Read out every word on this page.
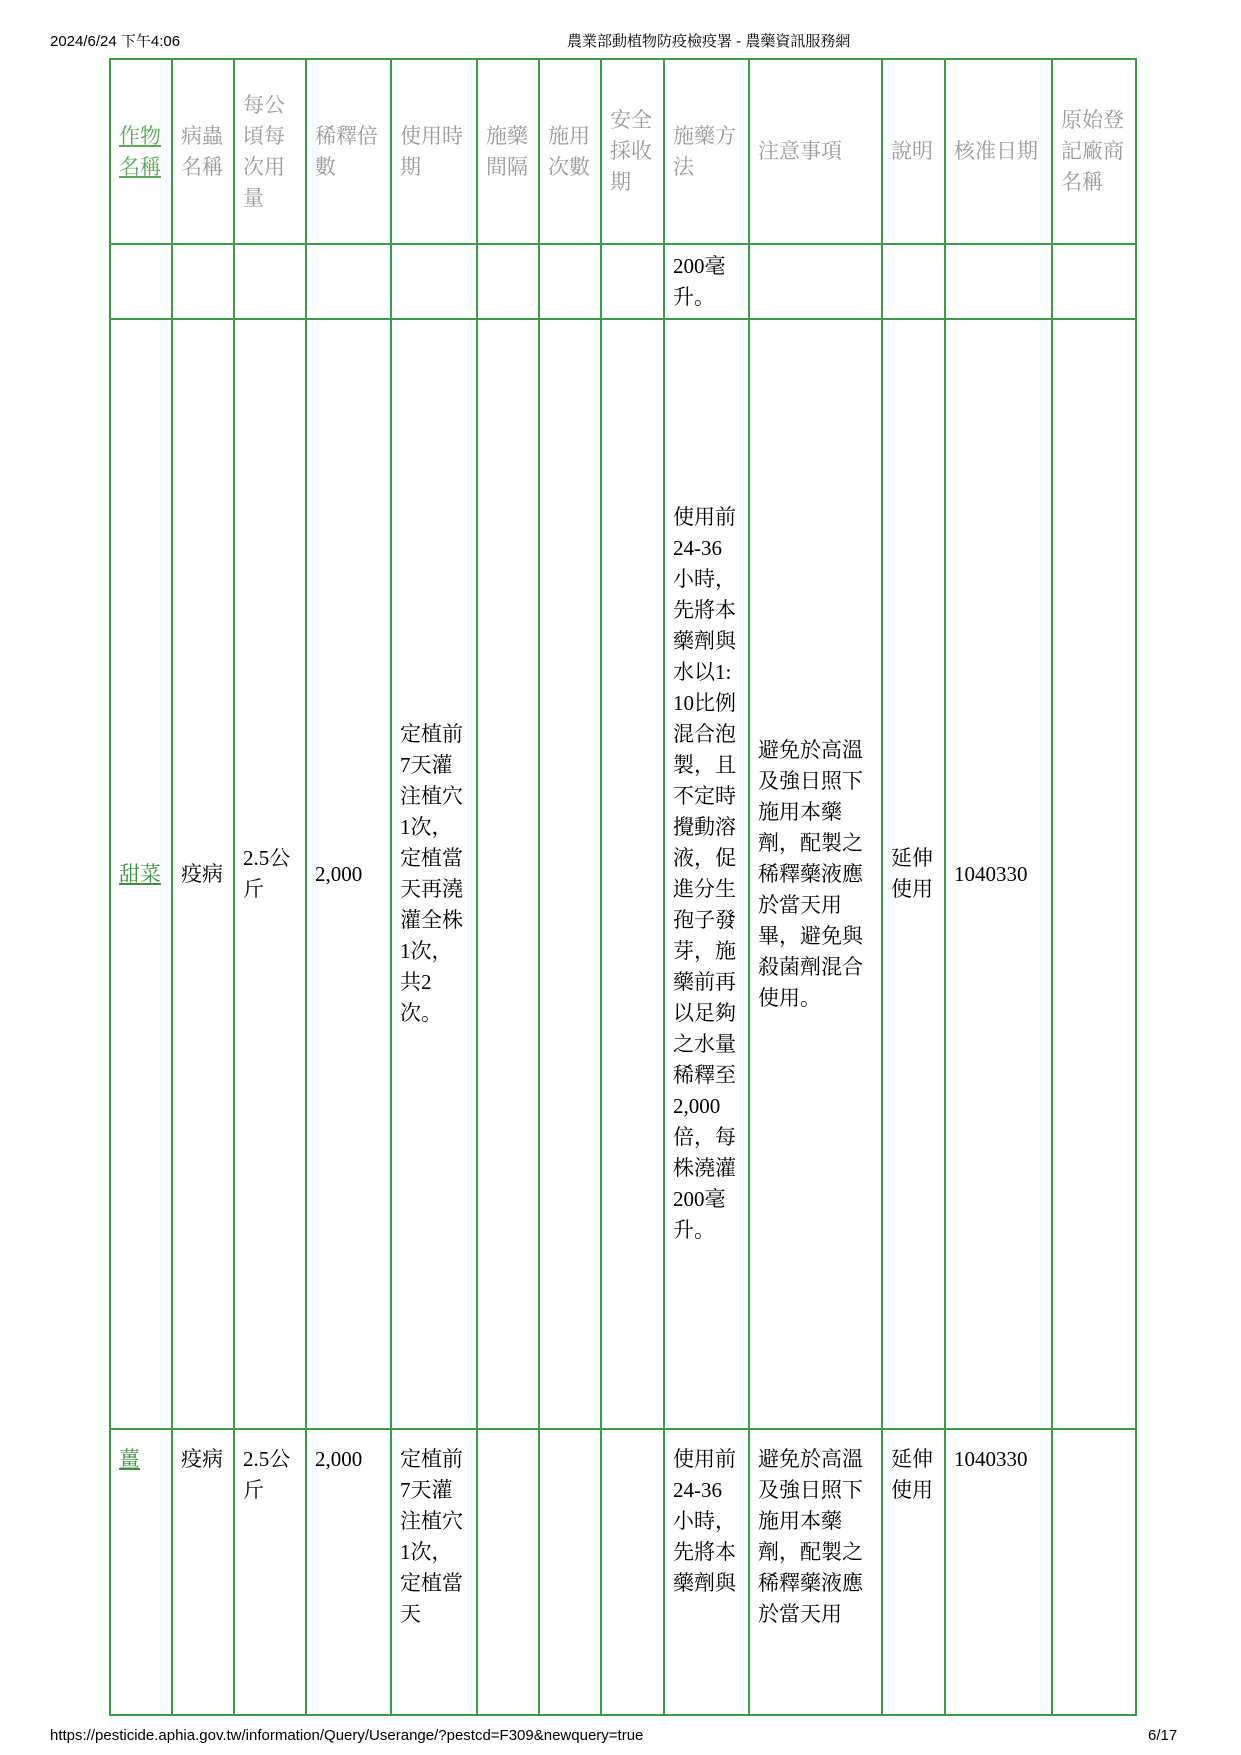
2024/6/24 下午4:06	農業部動植物防疫檢疫署 - 農藥資訊服務網
作物名稱	病蟲名稱	每公頃每次用量	稀釋倍數	使用時期	施藥間隔	施用次數	安全採收期	施藥方法	注意事項	說明	核准日期	原始登記廠商名稱

								200毫升。				

甜菜	疫病	2.5公斤	2,000	定植前7天灌注植穴1次，定植當天再澆灌全株1次，共2次。				使用前24-36小時，先將本藥劑與水以1:10比例混合泡製，且不定時攪動溶液，促進分生孢子發芽，施藥前再以足夠之水量稀釋至2,000倍，每株澆灌200毫升。	避免於高溫及強日照下施用本藥劑，配製之稀釋藥液應於當天用畢，避免與殺菌劑混合使用。	延伸使用	1040330	

薑	疫病	2.5公斤	2,000	定植前7天灌注植穴1次，定植當天				使用前24-36小時，先將本藥劑與	避免於高溫及強日照下施用本藥劑，配製之稀釋藥液應於當天用	延伸使用	1040330	

https://pesticide.aphia.gov.tw/information/Query/Userange/?pestcd=F309&newquery=true	6/17
